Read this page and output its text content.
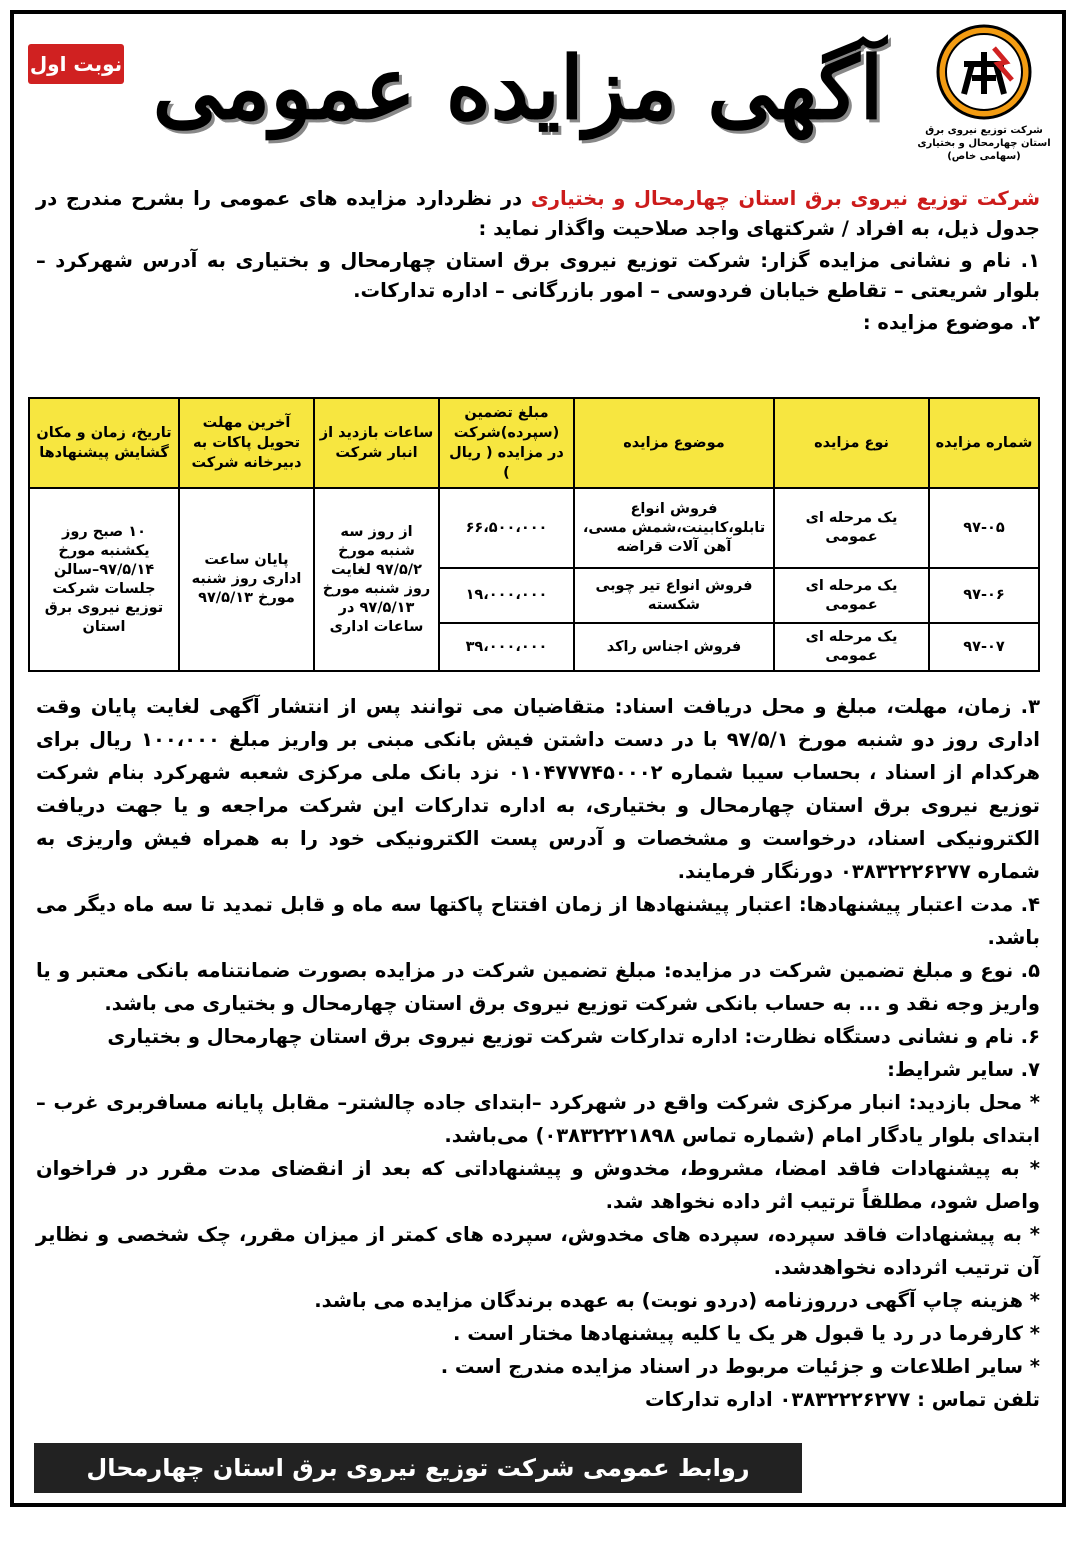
شرکت توزیع نیروی برق استان چهارمحال و بختیاری (سهامی خاص)
آگهی مزایده عمومی
نوبت اول

شرکت توزیع نیروی برق استان چهارمحال و بختیاری در نظردارد مزایده های عمومی را بشرح مندرج در جدول ذیل، به افراد / شرکتهای واجد صلاحیت واگذار نماید :

۱. نام و نشانی مزایده گزار: شرکت توزیع نیروی برق استان چهارمحال و بختیاری به آدرس شهرکرد – بلوار شریعتی – تقاطع خیابان فردوسی – امور بازرگانی – اداره تدارکات.

۲. موضوع مزایده :

شماره مزایده	نوع مزایده	موضوع مزایده	مبلغ تضمین (سپرده)شرکت در مزایده ( ریال )	ساعات بازدید از انبار شرکت	آخرین مهلت تحویل پاکات به دبیرخانه شرکت	تاریخ، زمان و مکان گشایش پیشنهادها
۹۷-۰۵	یک مرحله ای عمومی	فروش انواع تابلو،کابینت،شمش مسی، آهن آلات قراضه	۶۶،۵۰۰،۰۰۰	از روز سه شنبه مورخ ۹۷/۵/۲ لغایت روز شنبه مورخ ۹۷/۵/۱۳ در ساعات اداری	پایان ساعت اداری روز شنبه مورخ ۹۷/۵/۱۳	۱۰ صبح روز یکشنبه مورخ ۹۷/۵/۱۴–سالن جلسات شرکت توزیع نیروی برق استان
۹۷-۰۶	یک مرحله ای عمومی	فروش انواع تیر چوبی شکسته	۱۹،۰۰۰،۰۰۰			
۹۷-۰۷	یک مرحله ای عمومی	فروش اجناس راکد	۳۹،۰۰۰،۰۰۰			

۳. زمان، مهلت، مبلغ و محل دریافت اسناد: متقاضیان می توانند پس از انتشار آگهی لغایت پایان وقت اداری روز دو شنبه مورخ ۹۷/۵/۱ با در دست داشتن فیش بانکی مبنی بر واریز مبلغ ۱۰۰،۰۰۰ ریال برای هرکدام از اسناد ، بحساب سیبا شماره ۰۱۰۴۷۷۷۴۵۰۰۰۲ نزد بانک ملی مرکزی شعبه شهرکرد بنام شرکت توزیع نیروی برق استان چهارمحال و بختیاری، به اداره تدارکات این شرکت مراجعه و یا جهت دریافت الکترونیکی اسناد، درخواست و مشخصات و آدرس پست الکترونیکی خود را به همراه فیش واریزی به شماره ۰۳۸۳۲۲۲۶۲۷۷ دورنگار فرمایند.

۴. مدت اعتبار پیشنهادها: اعتبار پیشنهادها از زمان افتتاح پاکتها سه ماه و قابل تمدید تا سه ماه دیگر می باشد.

۵. نوع و مبلغ تضمین شرکت در مزایده: مبلغ تضمین شرکت در مزایده بصورت ضمانتنامه بانکی معتبر و یا واریز وجه نقد و ... به حساب بانکی شرکت توزیع نیروی برق استان چهارمحال و بختیاری می باشد.

۶. نام و نشانی دستگاه نظارت: اداره تدارکات شرکت توزیع نیروی برق استان چهارمحال و بختیاری

۷. سایر شرایط:

* محل بازدید: انبار مرکزی شرکت واقع در شهرکرد –ابتدای جاده چالشتر– مقابل پایانه مسافربری غرب –ابتدای بلوار یادگار امام (شماره تماس ۰۳۸۳۲۲۲۱۸۹۸) می‌باشد.

* به پیشنهادات فاقد امضا، مشروط، مخدوش و پیشنهاداتی که بعد از انقضای مدت مقرر در فراخوان واصل شود، مطلقاً ترتیب اثر داده نخواهد شد.

* به پیشنهادات فاقد سپرده، سپرده های مخدوش، سپرده های کمتر از میزان مقرر، چک شخصی و نظایر آن ترتیب اثرداده نخواهدشد.

* هزینه چاپ آگهی درروزنامه (دردو نوبت) به عهده برندگان مزایده می باشد.

* کارفرما در رد یا قبول هر یک یا کلیه پیشنهادها مختار است .

* سایر اطلاعات و جزئیات مربوط در اسناد مزایده مندرج است .

تلفن تماس : ۰۳۸۳۲۲۲۶۲۷۷ اداره تدارکات

روابط عمومی شرکت توزیع نیروی برق استان چهارمحال وبختیاری
